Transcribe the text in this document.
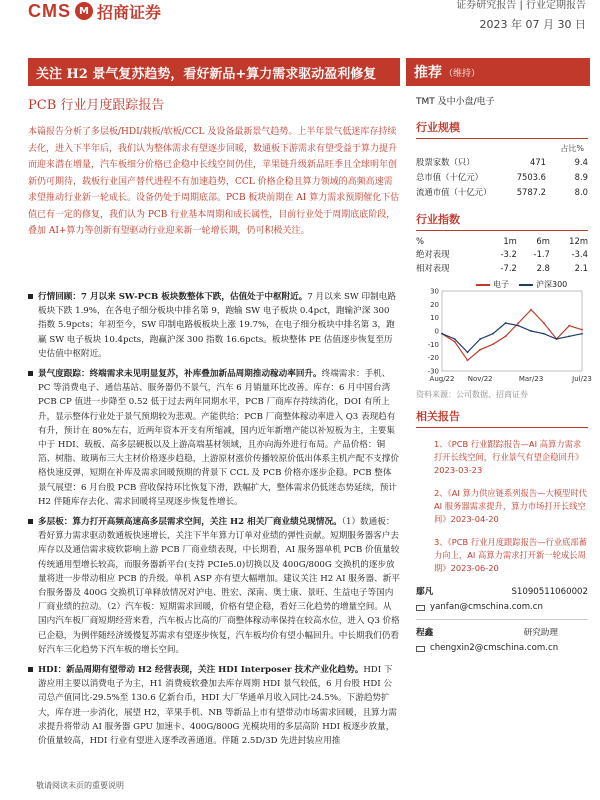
CMS M 招商证券	证券研究报告 | 行业定期报告
2023 年 07 月 30 日
关注 H2 景气复苏趋势，看好新品+算力需求驱动盈利修复	推荐 （维持）
PCB 行业月度跟踪报告
本篇报告分析了多层板/HDI/载板/软板/CCL 及设备最新景气趋势。上半年景气低迷库存持续去化，进入下半年后，我们认为整体需求有望逐步回暖，数通板下游需求有望受益于算力提升而迎来潜在增量，汽车板细分价格已企稳中长线空间仍佳，苹果链升级新品旺季且全球明年创新仍可期待，载板行业国产替代进程不有加速趋势，CCL 价格企稳且算力领域的高频高速需求望推动行业新一轮成长。设备仍处于周期底部。PCB 板块前期在 AI 算力需求预期催化下估值已有一定的修复，我们认为 PCB 行业基本周期和成长属性，目前行业处于周期底底阶段，叠加 AI+算力等创新有望驱动行业迎来新一轮增长期，仍可积极关注。

行情回顾：7 月以来 SW-PCB 板块数整体下跌，估值处于中枢附近。7 月以来 SW 印制电路板块下跌 1.9%，在各电子细分板块中排名第 9，跑输 SW 电子板块 0.4pct，跑输沪深 300 指数 5.9pcts；年初至今，SW 印制电路板板块上涨 19.7%，在电子细分板块中排名第 3，跑赢 SW 电子板块 10.4pcts，跑赢沪深 300 指数 16.6pcts。板块整体 PE 估值逐步恢复至历史估值中枢附近。

景气度跟踪：终端需求未见明显复苏，补库叠加新品周期推动稼动率回升。终端需求：手机、PC 等消费电子、通信基站、服务器仍不景气，汽车 6 月销量环比改善。库存：6 月中国台湾 PCB CP 值进一步降至 0.52 低于过去两年同期水平，PCB 厂商库存持续消化，DOI 有所上升，显示整体行业处于景气预期较为悲观。产能供给：PCB 厂商整体稼动率进入 Q3 表现趋有有升，预计在 80%左右，近两年资本开支有所缩减，国内近年新增产能以补短板为主，主要集中于 HDI、载板、高多层硬板以及上游高端基材领域，且亦向海外进行布局。产品价格：铜箔、树脂、玻璃布三大主材价格逐步趋稳，上游原材涨价传播较原价低出体系主机产配不支撑价格快速反弹，短期在补库及需求回暖预期的背景下 CCL 及 PCB 价格亦逐步企稳。PCB 整体景气展望：6 月台股 PCB 营收保持环比恢复下滑，跌幅扩大，整体需求仍低迷态势延续，预计 H2 伴随库存去化、需求回暖将呈现逐步恢复性增长。

多层板：算力打开高频高速高多层需求空间，关注 H2 相关厂商业绩兑现情况。（1）数通板：看好算力需求驱动数通板快速增长，关注下半年算力订单对业绩的弹性贡献。短期服务器客户去库存以及通信需求疲软影响上游 PCB 厂商业绩表现，中长期看，AI 服务器单机 PCB 价值量较传统通用型增长较高，而服务器新平台(支持 PCIe5.0)切换以及 400G/800G 交换机的逐步放量将进一步带动相应 PCB 的升级。单机 ASP 亦有望大幅增加。建议关注 H2 AI 服务器、新平台服务器及 400G 交换机订单释放情况对沪电、胜宏、深南、奥士康、景旺、生益电子等国内厂商业绩的拉动。（2）汽车板：短期需求回暖，价格有望企稳，看好三化趋势的增量空间。从国内汽车板厂商短期经营来看，汽车板占比高的厂商整体稼动率保持在较高水位，进入 Q3 价格已企稳，为例伴随经济缓慢复苏需求有望逐步恢复，汽车板均价有望小幅回升。中长期我们仍看好汽车三化趋势下汽车板的增长空间。

HDI：新品周期有望带动 H2 经营表现，关注 HDI Interposer 技术产业化趋势。HDI 下游应用主要以消费电子为主，H1 消费疲软叠加去库存周期 HDI 景气较低，6 月台股 HDI 公司总产值同比-29.5%至 130.6 亿新台币，HDI 大厂华通单月收入同比-24.5%。下游趋势扩大，库存进一步消化，展望 H2，苹果手机、NB 等新品上市有望带动市场需求回暖，且算力需求提升将带动 AI 服务器 GPU 加速卡、400G/800G 光模块用的多层高阶 HDI 板逐步放量，价值量较高，HDI 行业有望进入逐季改善通道。伴随 2.5D/3D 先进封装应用推

TMT 及中小盘/电子
行业规模
占比%
股票家数（只）	471	9.4
总市值（十亿元）	7503.6	8.9
流通市值（十亿元）	5787.2	8.0
行业指数
%	1m	6m	12m
绝对表现	-3.2	-1.7	-3.4
相对表现	-7.2	2.8	2.1
电子	沪深300
30
20
10
0
-10
-20
-30
Aug/22 Nov/22	Mar/23	Jul/23
资料来源：公司数据、招商证券
相关报告
1、《PCB 行业跟踪报告—AI 高算力需求打开长线空间，行业景气有望企稳回升》2023-03-23
2、《AI 算力供应链系列报告—大模型时代 AI 服务器需求提升，算力市场打开长线空间》2023-04-20
3、《PCB 行业月度跟踪报告—行业底部蓄力向上，AI 高算力需求打开新一轮成长周期》2023-06-20
鄢凡	S1090511060002
yanfan@cmschina.com.cn
程鑫	研究助理
chengxin2@cmschina.com.cn
敬请阅读末页的重要说明
